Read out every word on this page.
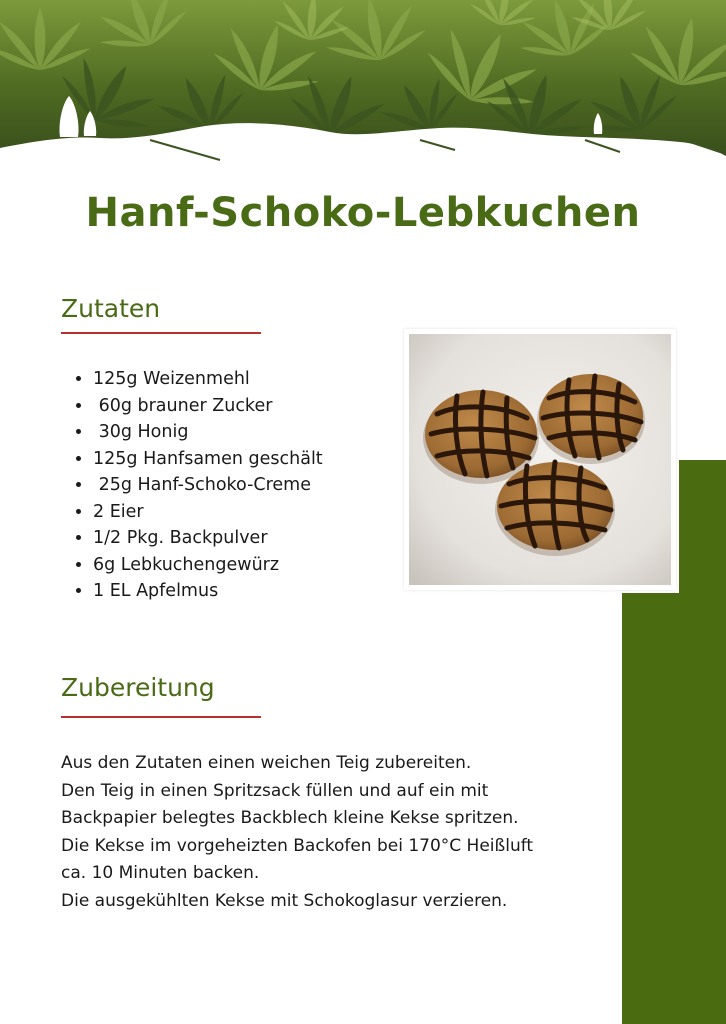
Hanf-Schoko-Lebkuchen
Zutaten
• 125g Weizenmehl
•  60g brauner Zucker
•  30g Honig
• 125g Hanfsamen geschält
•  25g Hanf-Schoko-Creme
• 2 Eier
• 1/2 Pkg. Backpulver
• 6g Lebkuchengewürz
• 1 EL Apfelmus
Zubereitung

Aus den Zutaten einen weichen Teig zubereiten.

Den Teig in einen Spritzsack füllen und auf ein mit

Backpapier belegtes Backblech kleine Kekse spritzen.

Die Kekse im vorgeheizten Backofen bei 170°C Heißluft

ca. 10 Minuten backen.

Die ausgekühlten Kekse mit Schokoglasur verzieren.
